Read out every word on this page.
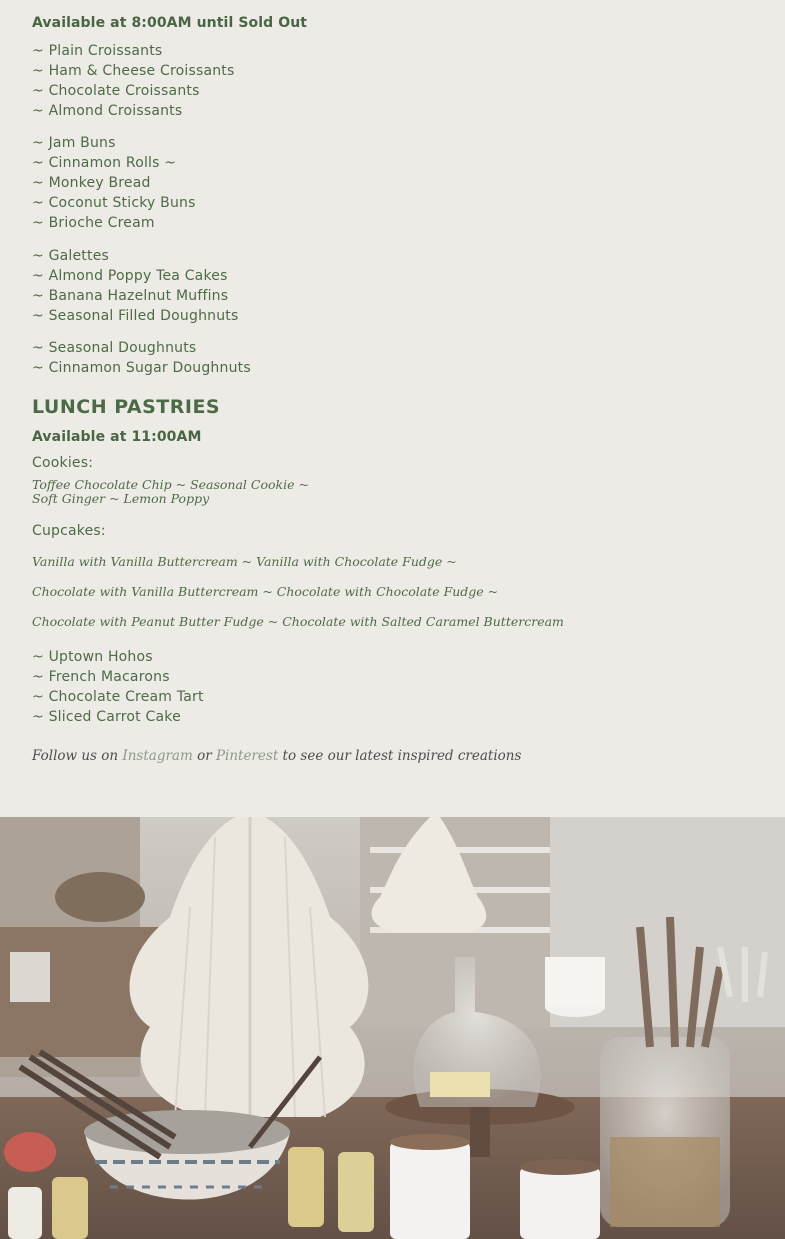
Available at 8:00AM until Sold Out
~ Plain Croissants
~ Ham & Cheese Croissants
~ Chocolate Croissants
~ Almond Croissants
~ Jam Buns
~ Cinnamon Rolls ~
~ Monkey Bread
~ Coconut Sticky Buns
~ Brioche Cream
~ Galettes
~ Almond Poppy Tea Cakes
~ Banana Hazelnut Muffins
~ Seasonal Filled Doughnuts
~ Seasonal Doughnuts
~ Cinnamon Sugar Doughnuts
LUNCH PASTRIES
Available at 11:00AM
Cookies:
Toffee Chocolate Chip ~ Seasonal Cookie ~
Soft Ginger ~ Lemon Poppy
Cupcakes:
Vanilla with Vanilla Buttercream ~ Vanilla with Chocolate Fudge ~
Chocolate with Vanilla Buttercream ~ Chocolate with Chocolate Fudge ~
Chocolate with Peanut Butter Fudge ~ Chocolate with Salted Caramel Buttercream
~ Uptown Hohos
~ French Macarons
~ Chocolate Cream Tart
~ Sliced Carrot Cake
Follow us on Instagram or Pinterest to see our latest inspired creations
